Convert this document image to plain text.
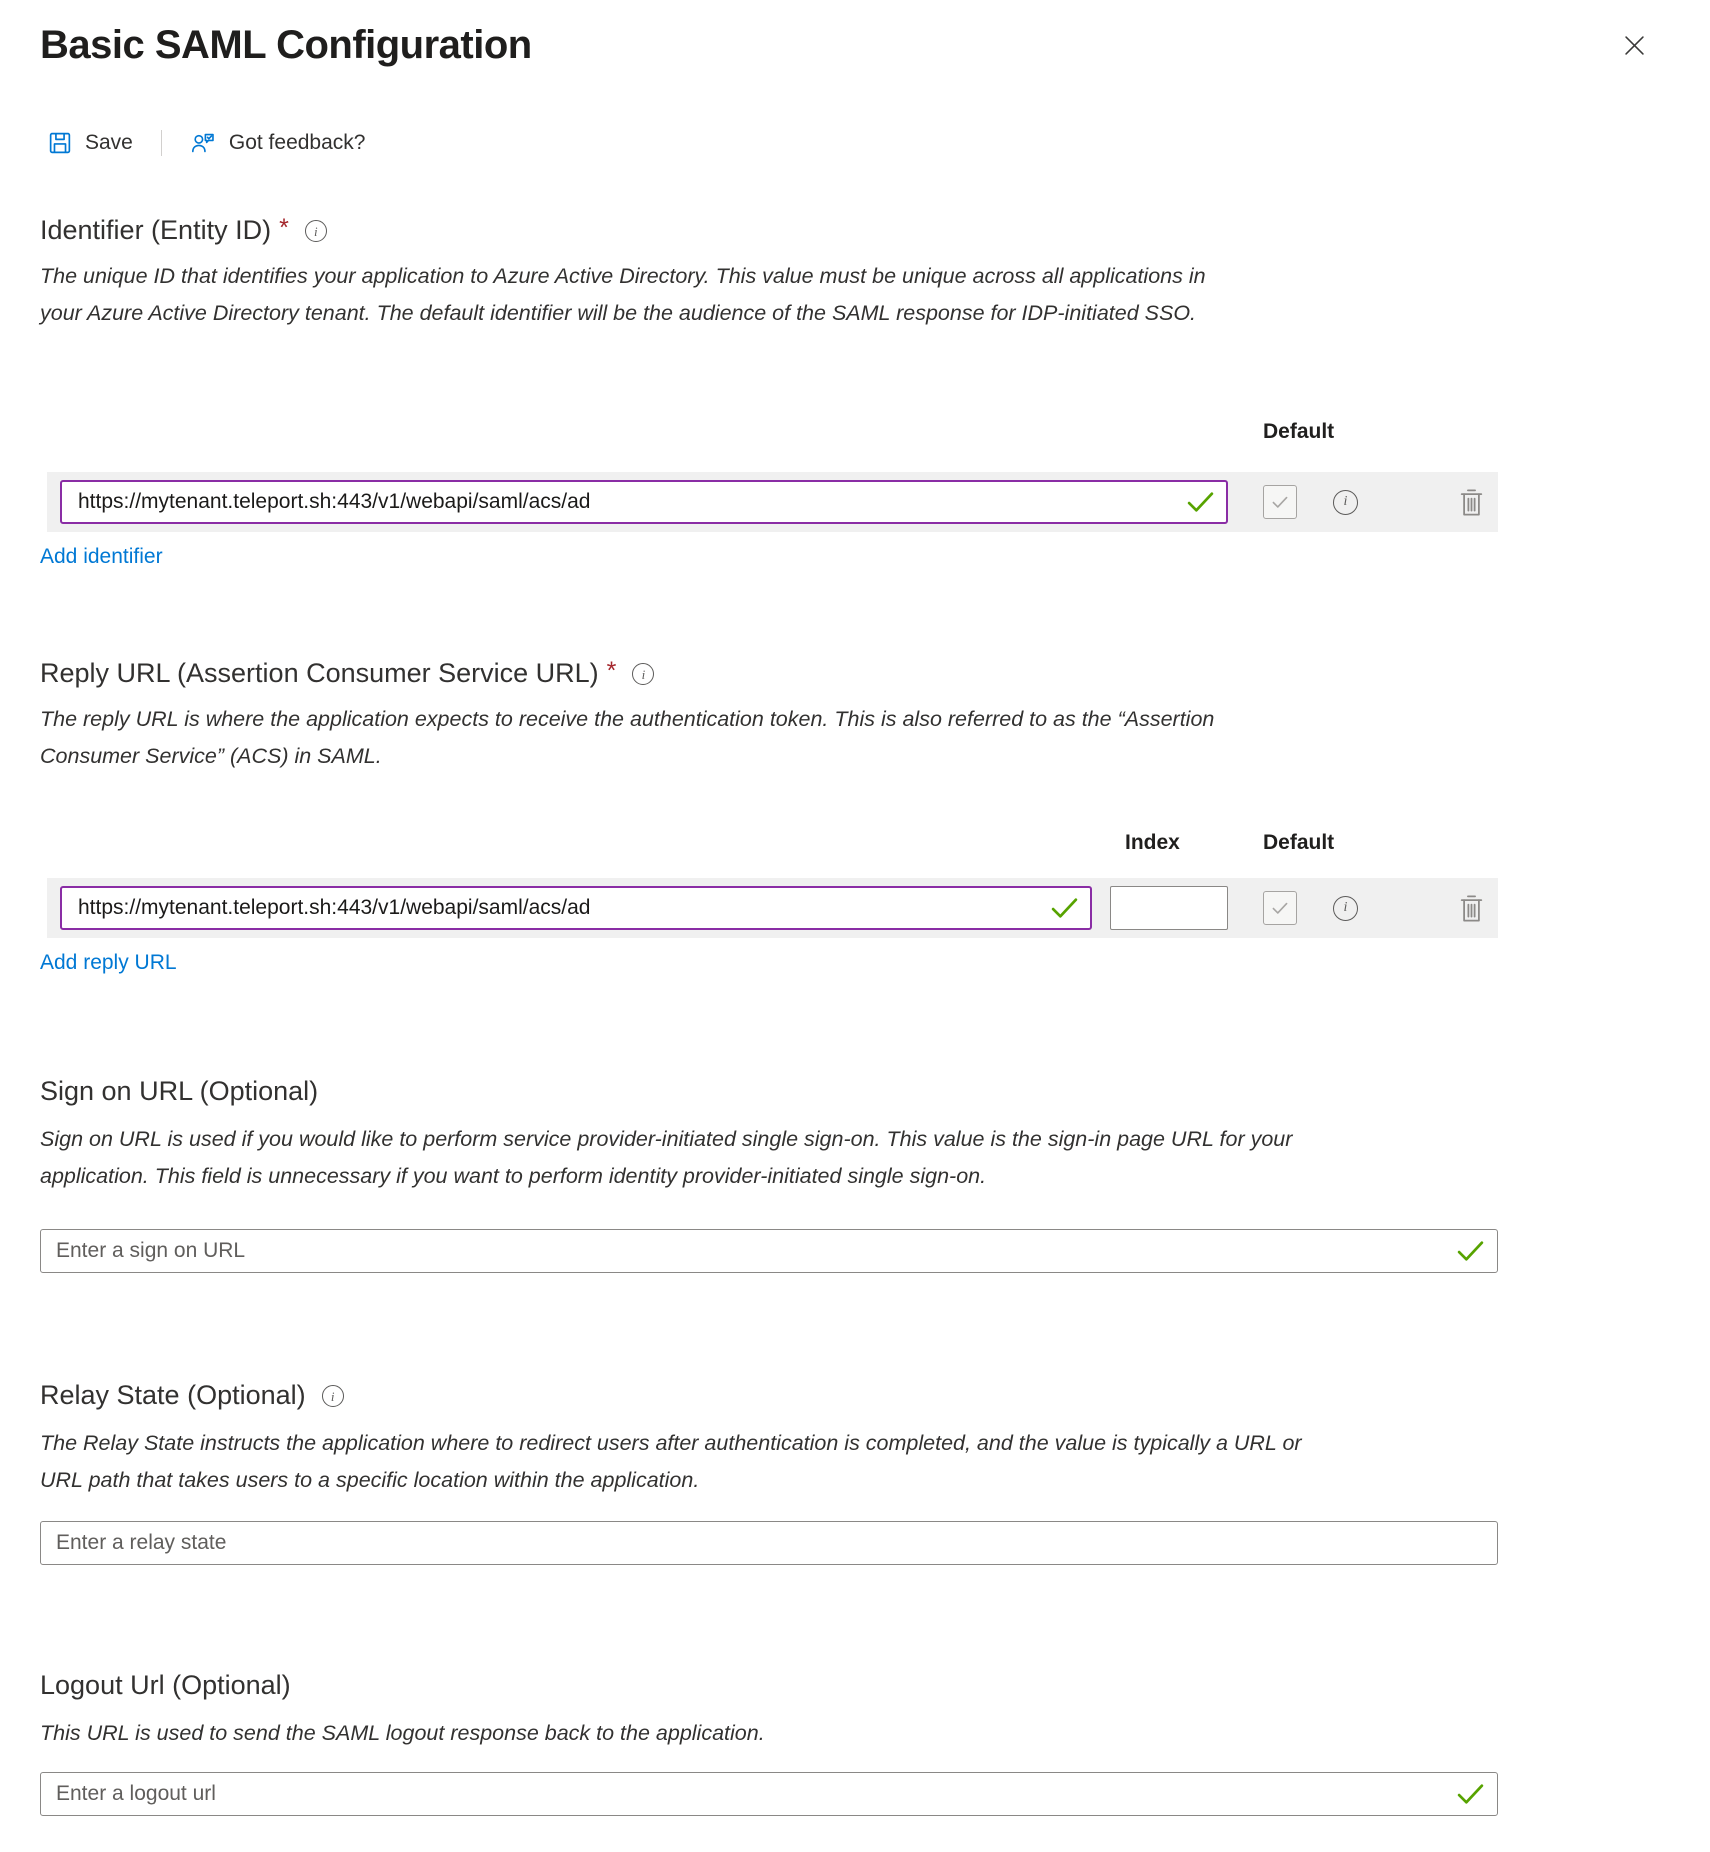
Basic SAML Configuration
Save	Got feedback?
Identifier (Entity ID) * i

The unique ID that identifies your application to Azure Active Directory. This value must be unique across all applications in your Azure Active Directory tenant. The default identifier will be the audience of the SAML response for IDP-initiated SSO.

Default
https://mytenant.teleport.sh:443/v1/webapi/saml/acs/ad
i
Add identifier
Reply URL (Assertion Consumer Service URL) * i

The reply URL is where the application expects to receive the authentication token. This is also referred to as the “Assertion Consumer Service” (ACS) in SAML.

Index	Default
https://mytenant.teleport.sh:443/v1/webapi/saml/acs/ad
i
Add reply URL
Sign on URL (Optional)

Sign on URL is used if you would like to perform service provider-initiated single sign-on. This value is the sign-in page URL for your application. This field is unnecessary if you want to perform identity provider-initiated single sign-on.

Enter a sign on URL
Relay State (Optional) i

The Relay State instructs the application where to redirect users after authentication is completed, and the value is typically a URL or URL path that takes users to a specific location within the application.

Enter a relay state
Logout Url (Optional)

This URL is used to send the SAML logout response back to the application.

Enter a logout url
